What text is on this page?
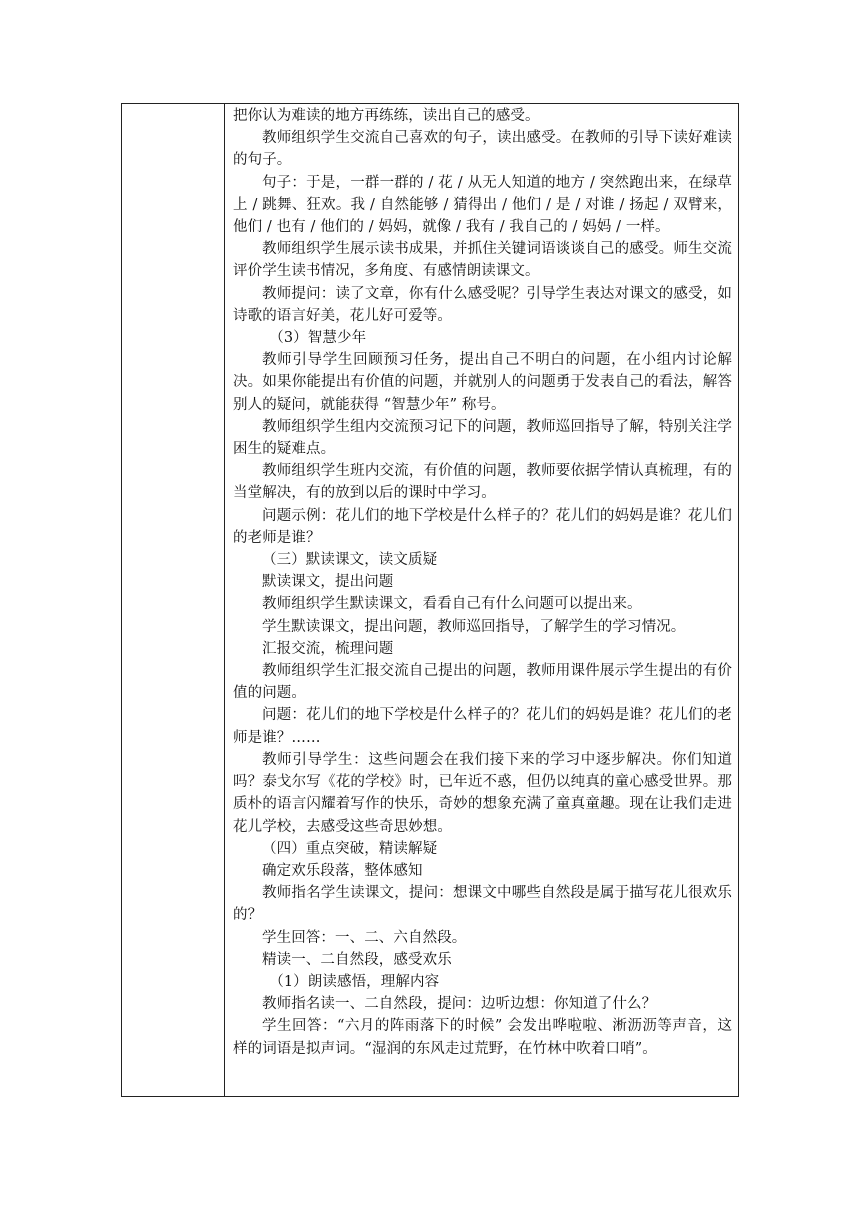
把你认为难读的地方再练练，读出自己的感受。

教师组织学生交流自己喜欢的句子，读出感受。在教师的引导下读好难读的句子。

句子：于是，一群一群的 / 花 / 从无人知道的地方 / 突然跑出来，在绿草上 / 跳舞、狂欢。我 / 自然能够 / 猜得出 / 他们 / 是 / 对谁 / 扬起 / 双臂来，他们 / 也有 / 他们的 / 妈妈，就像 / 我有 / 我自己的 / 妈妈 / 一样。

教师组织学生展示读书成果，并抓住关键词语谈谈自己的感受。师生交流评价学生读书情况，多角度、有感情朗读课文。

教师提问：读了文章，你有什么感受呢？引导学生表达对课文的感受，如诗歌的语言好美，花儿好可爱等。

（3）智慧少年

教师引导学生回顾预习任务，提出自己不明白的问题，在小组内讨论解决。如果你能提出有价值的问题，并就别人的问题勇于发表自己的看法，解答别人的疑问，就能获得 “智慧少年” 称号。

教师组织学生组内交流预习记下的问题，教师巡回指导了解，特别关注学困生的疑难点。

教师组织学生班内交流，有价值的问题，教师要依据学情认真梳理，有的当堂解决，有的放到以后的课时中学习。

问题示例：花儿们的地下学校是什么样子的？花儿们的妈妈是谁？花儿们的老师是谁？

（三）默读课文，读文质疑

默读课文，提出问题

教师组织学生默读课文，看看自己有什么问题可以提出来。

学生默读课文，提出问题，教师巡回指导，了解学生的学习情况。

汇报交流，梳理问题

教师组织学生汇报交流自己提出的问题，教师用课件展示学生提出的有价值的问题。

问题：花儿们的地下学校是什么样子的？花儿们的妈妈是谁？花儿们的老师是谁？……

教师引导学生：这些问题会在我们接下来的学习中逐步解决。你们知道吗？泰戈尔写《花的学校》时，已年近不惑，但仍以纯真的童心感受世界。那质朴的语言闪耀着写作的快乐，奇妙的想象充满了童真童趣。现在让我们走进花儿学校，去感受这些奇思妙想。

（四）重点突破，精读解疑

确定欢乐段落，整体感知

教师指名学生读课文，提问：想课文中哪些自然段是属于描写花儿很欢乐的？

学生回答：一、二、六自然段。

精读一、二自然段，感受欢乐

（1）朗读感悟，理解内容

教师指名读一、二自然段，提问：边听边想：你知道了什么？

学生回答：“六月的阵雨落下的时候” 会发出哗啦啦、淅沥沥等声音，这样的词语是拟声词。“湿润的东风走过荒野，在竹林中吹着口哨”。
